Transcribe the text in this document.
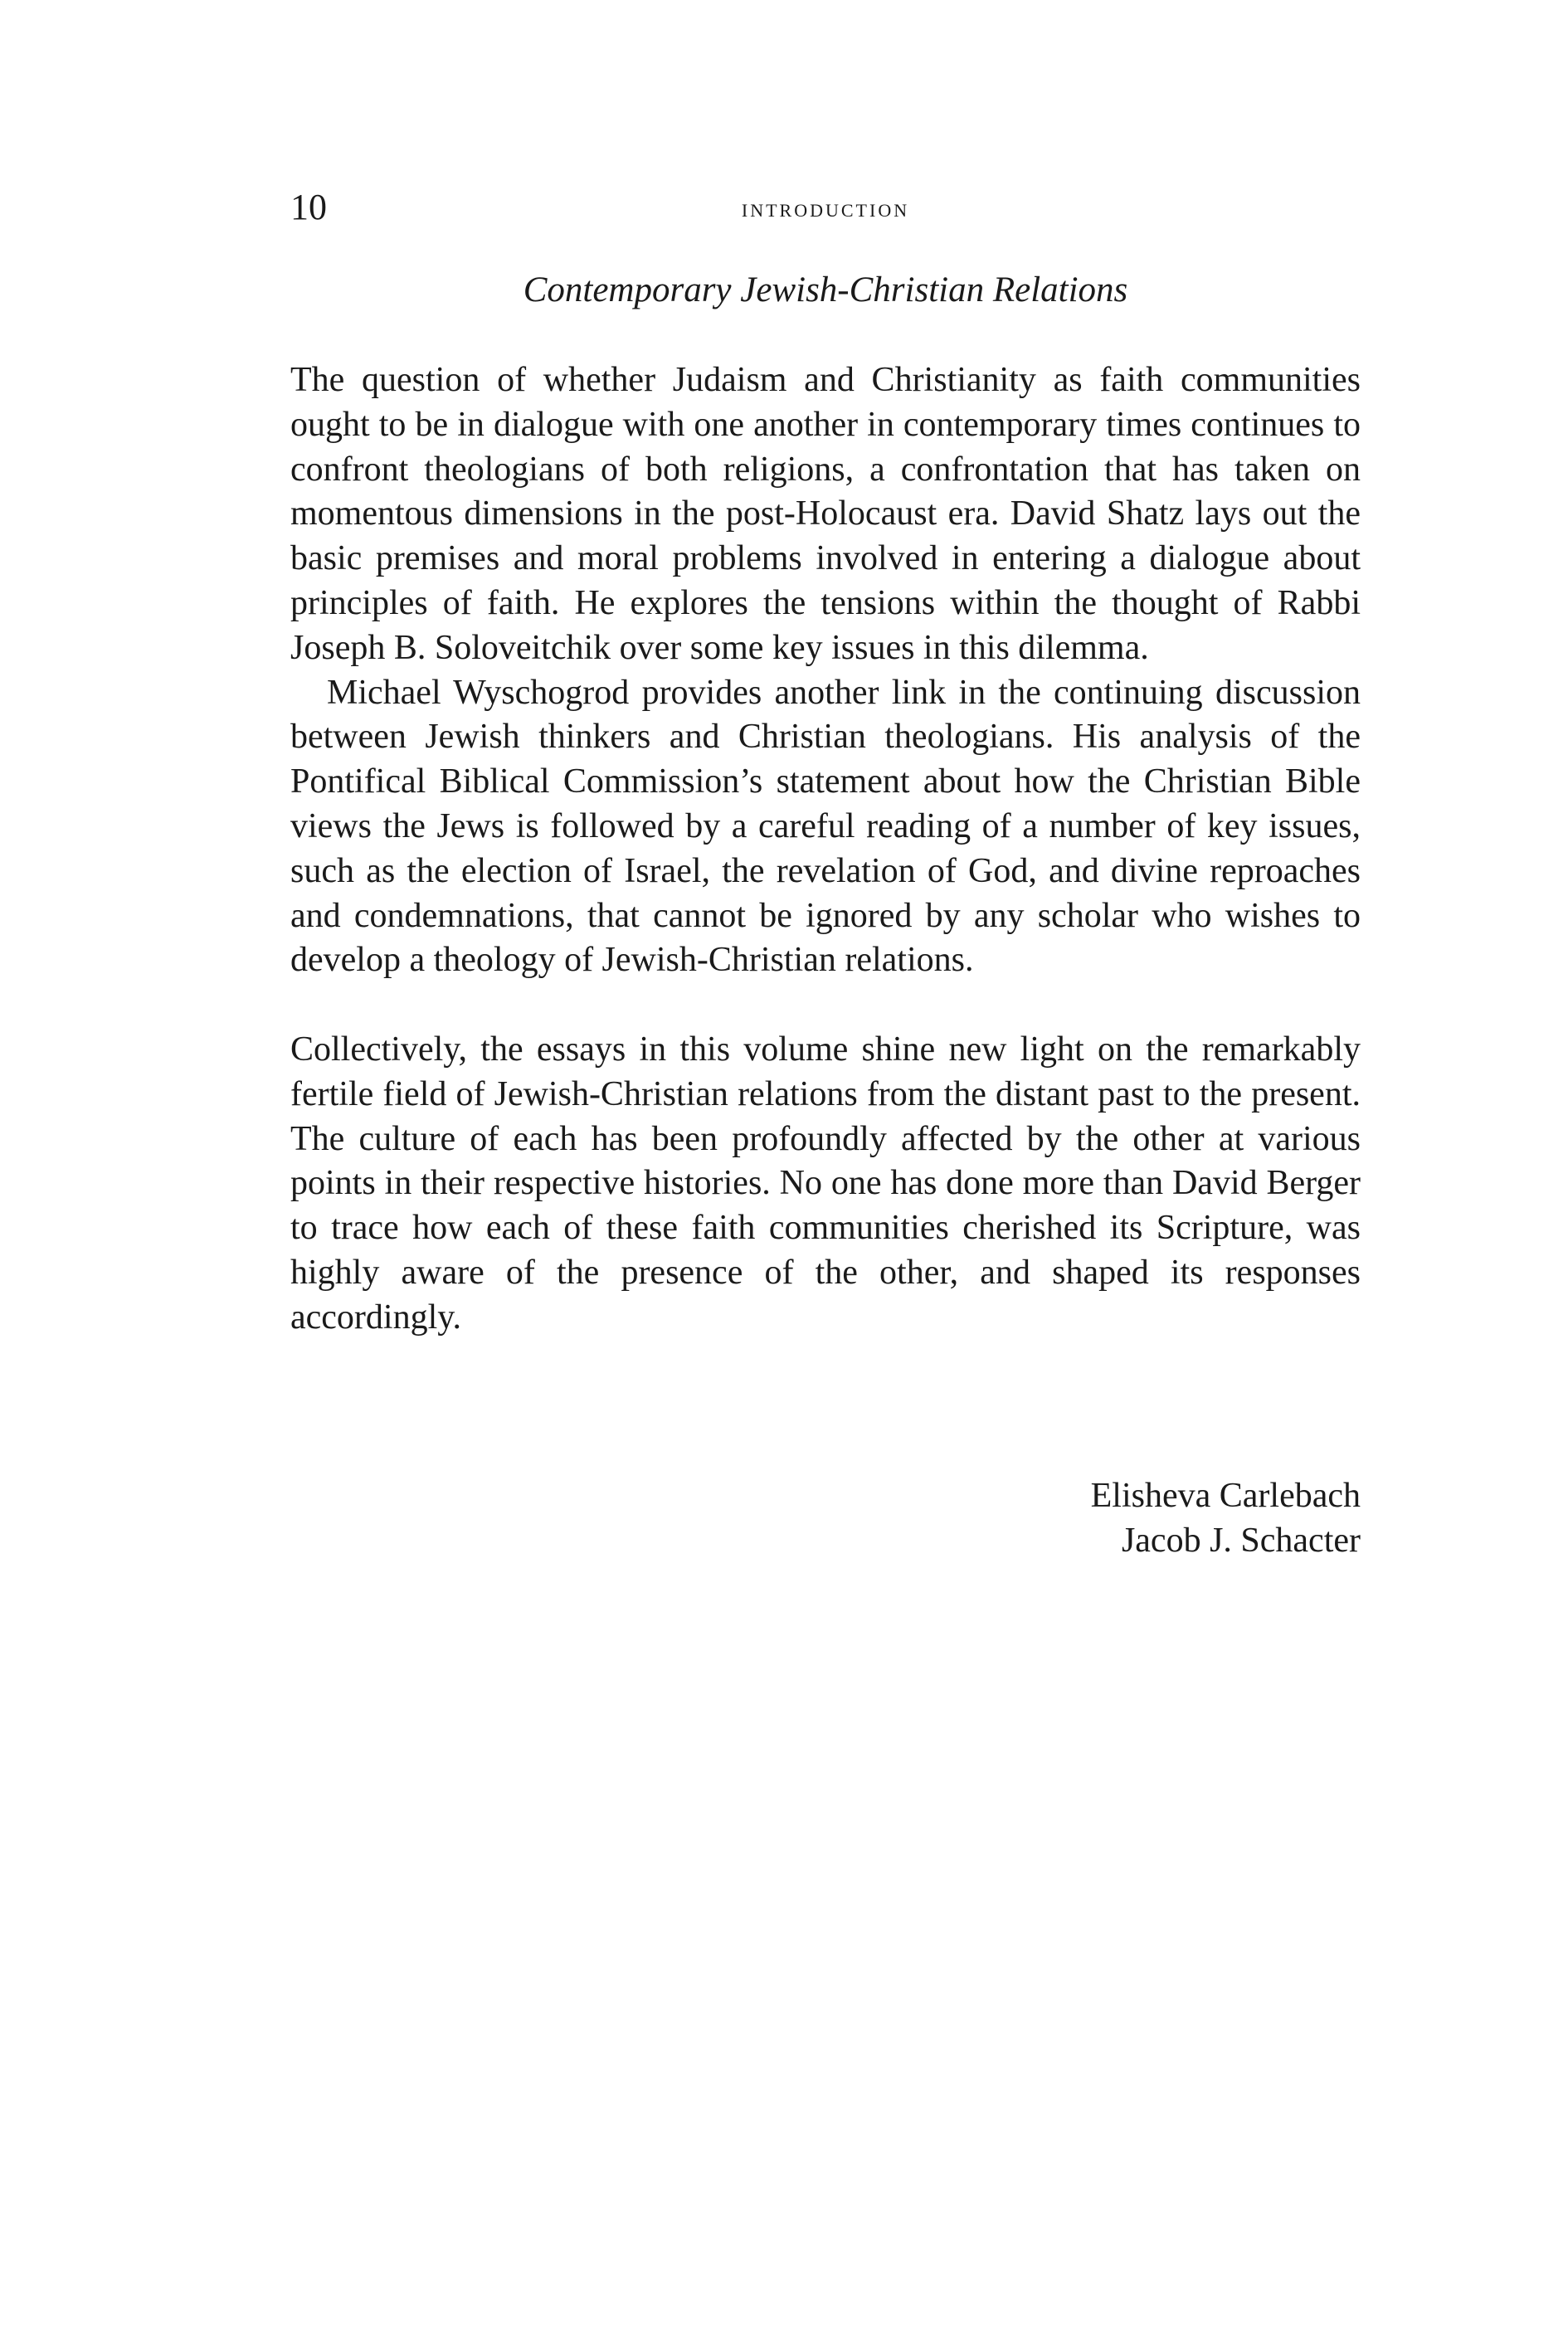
10	introduction
Contemporary Jewish-Christian Relations

The question of whether Judaism and Christianity as faith communities ought to be in dialogue with one another in contemporary times continues to confront theologians of both religions, a confrontation that has taken on momentous dimensions in the post-Holocaust era. David Shatz lays out the basic premises and moral problems involved in entering a dialogue about principles of faith. He explores the tensions within the thought of Rabbi Joseph B. Soloveitchik over some key issues in this dilemma.

Michael Wyschogrod provides another link in the continuing discussion between Jewish thinkers and Christian theologians. His analysis of the Pontifical Biblical Commission’s statement about how the Christian Bible views the Jews is followed by a careful reading of a number of key issues, such as the election of Israel, the revelation of God, and divine reproaches and condemnations, that cannot be ignored by any scholar who wishes to develop a theology of Jewish-Christian relations.

Collectively, the essays in this volume shine new light on the remarkably fertile field of Jewish-Christian relations from the distant past to the present. The culture of each has been profoundly affected by the other at various points in their respective histories. No one has done more than David Berger to trace how each of these faith communities cherished its Scripture, was highly aware of the presence of the other, and shaped its responses accordingly.

Elisheva Carlebach
Jacob J. Schacter
